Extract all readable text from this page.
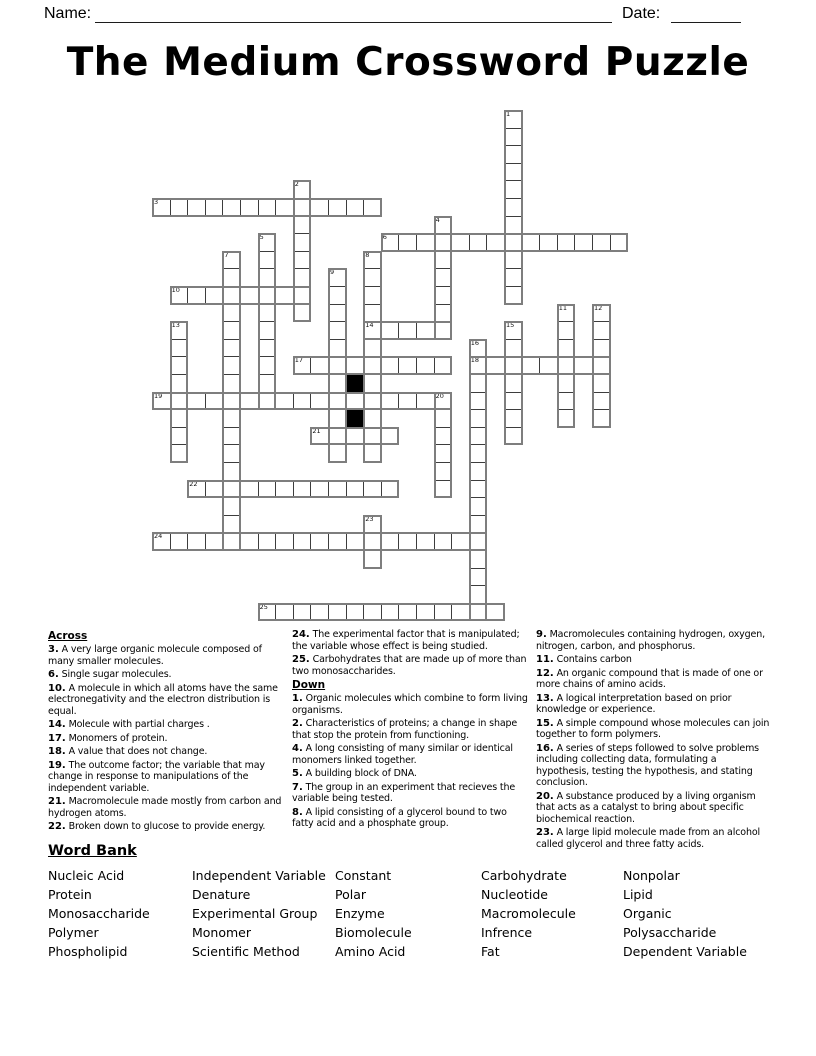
Name:	Date:
The Medium Crossword Puzzle
1
2
3
4
5	6
7	8
14
9
10
11	12
13	15
16
18
17
19	20
21
22
23
24
25
Across

3. A very large organic molecule composed of many smaller molecules.

6. Single sugar molecules.

10. A molecule in which all atoms have the same electronegativity and the electron distribution is equal.

14. Molecule with partial charges .

17. Monomers of protein.

18. A value that does not change.

19. The outcome factor; the variable that may change in response to manipulations of the independent variable.

21. Macromolecule made mostly from carbon and hydrogen atoms.

22. Broken down to glucose to provide energy.

24. The experimental factor that is manipulated; the variable whose effect is being studied.

25. Carbohydrates that are made up of more than two monosaccharides.

Down

1. Organic molecules which combine to form living organisms.

2. Characteristics of proteins; a change in shape that stop the protein from functioning.

4. A long consisting of many similar or identical monomers linked together.

5. A building block of DNA.

7. The group in an experiment that recieves the variable being tested.

8. A lipid consisting of a glycerol bound to two fatty acid and a phosphate group.

9. Macromolecules containing hydrogen, oxygen, nitrogen, carbon, and phosphorus.

11. Contains carbon

12. An organic compound that is made of one or more chains of amino acids.

13. A logical interpretation based on prior knowledge or experience.

15. A simple compound whose molecules can join together to form polymers.

16. A series of steps followed to solve problems including collecting data, formulating a hypothesis, testing the hypothesis, and stating conclusion.

20. A substance produced by a living organism that acts as a catalyst to bring about specific biochemical reaction.

23. A large lipid molecule made from an alcohol called glycerol and three fatty acids.

Word Bank
Nucleic Acid
Protein
Monosaccharide
Polymer
Phospholipid
Independent Variable
Denature
Experimental Group
Monomer
Scientific Method
Constant
Polar
Enzyme
Biomolecule
Amino Acid
Carbohydrate
Nucleotide
Macromolecule
Infrence
Fat
Nonpolar
Lipid
Organic
Polysaccharide
Dependent Variable
